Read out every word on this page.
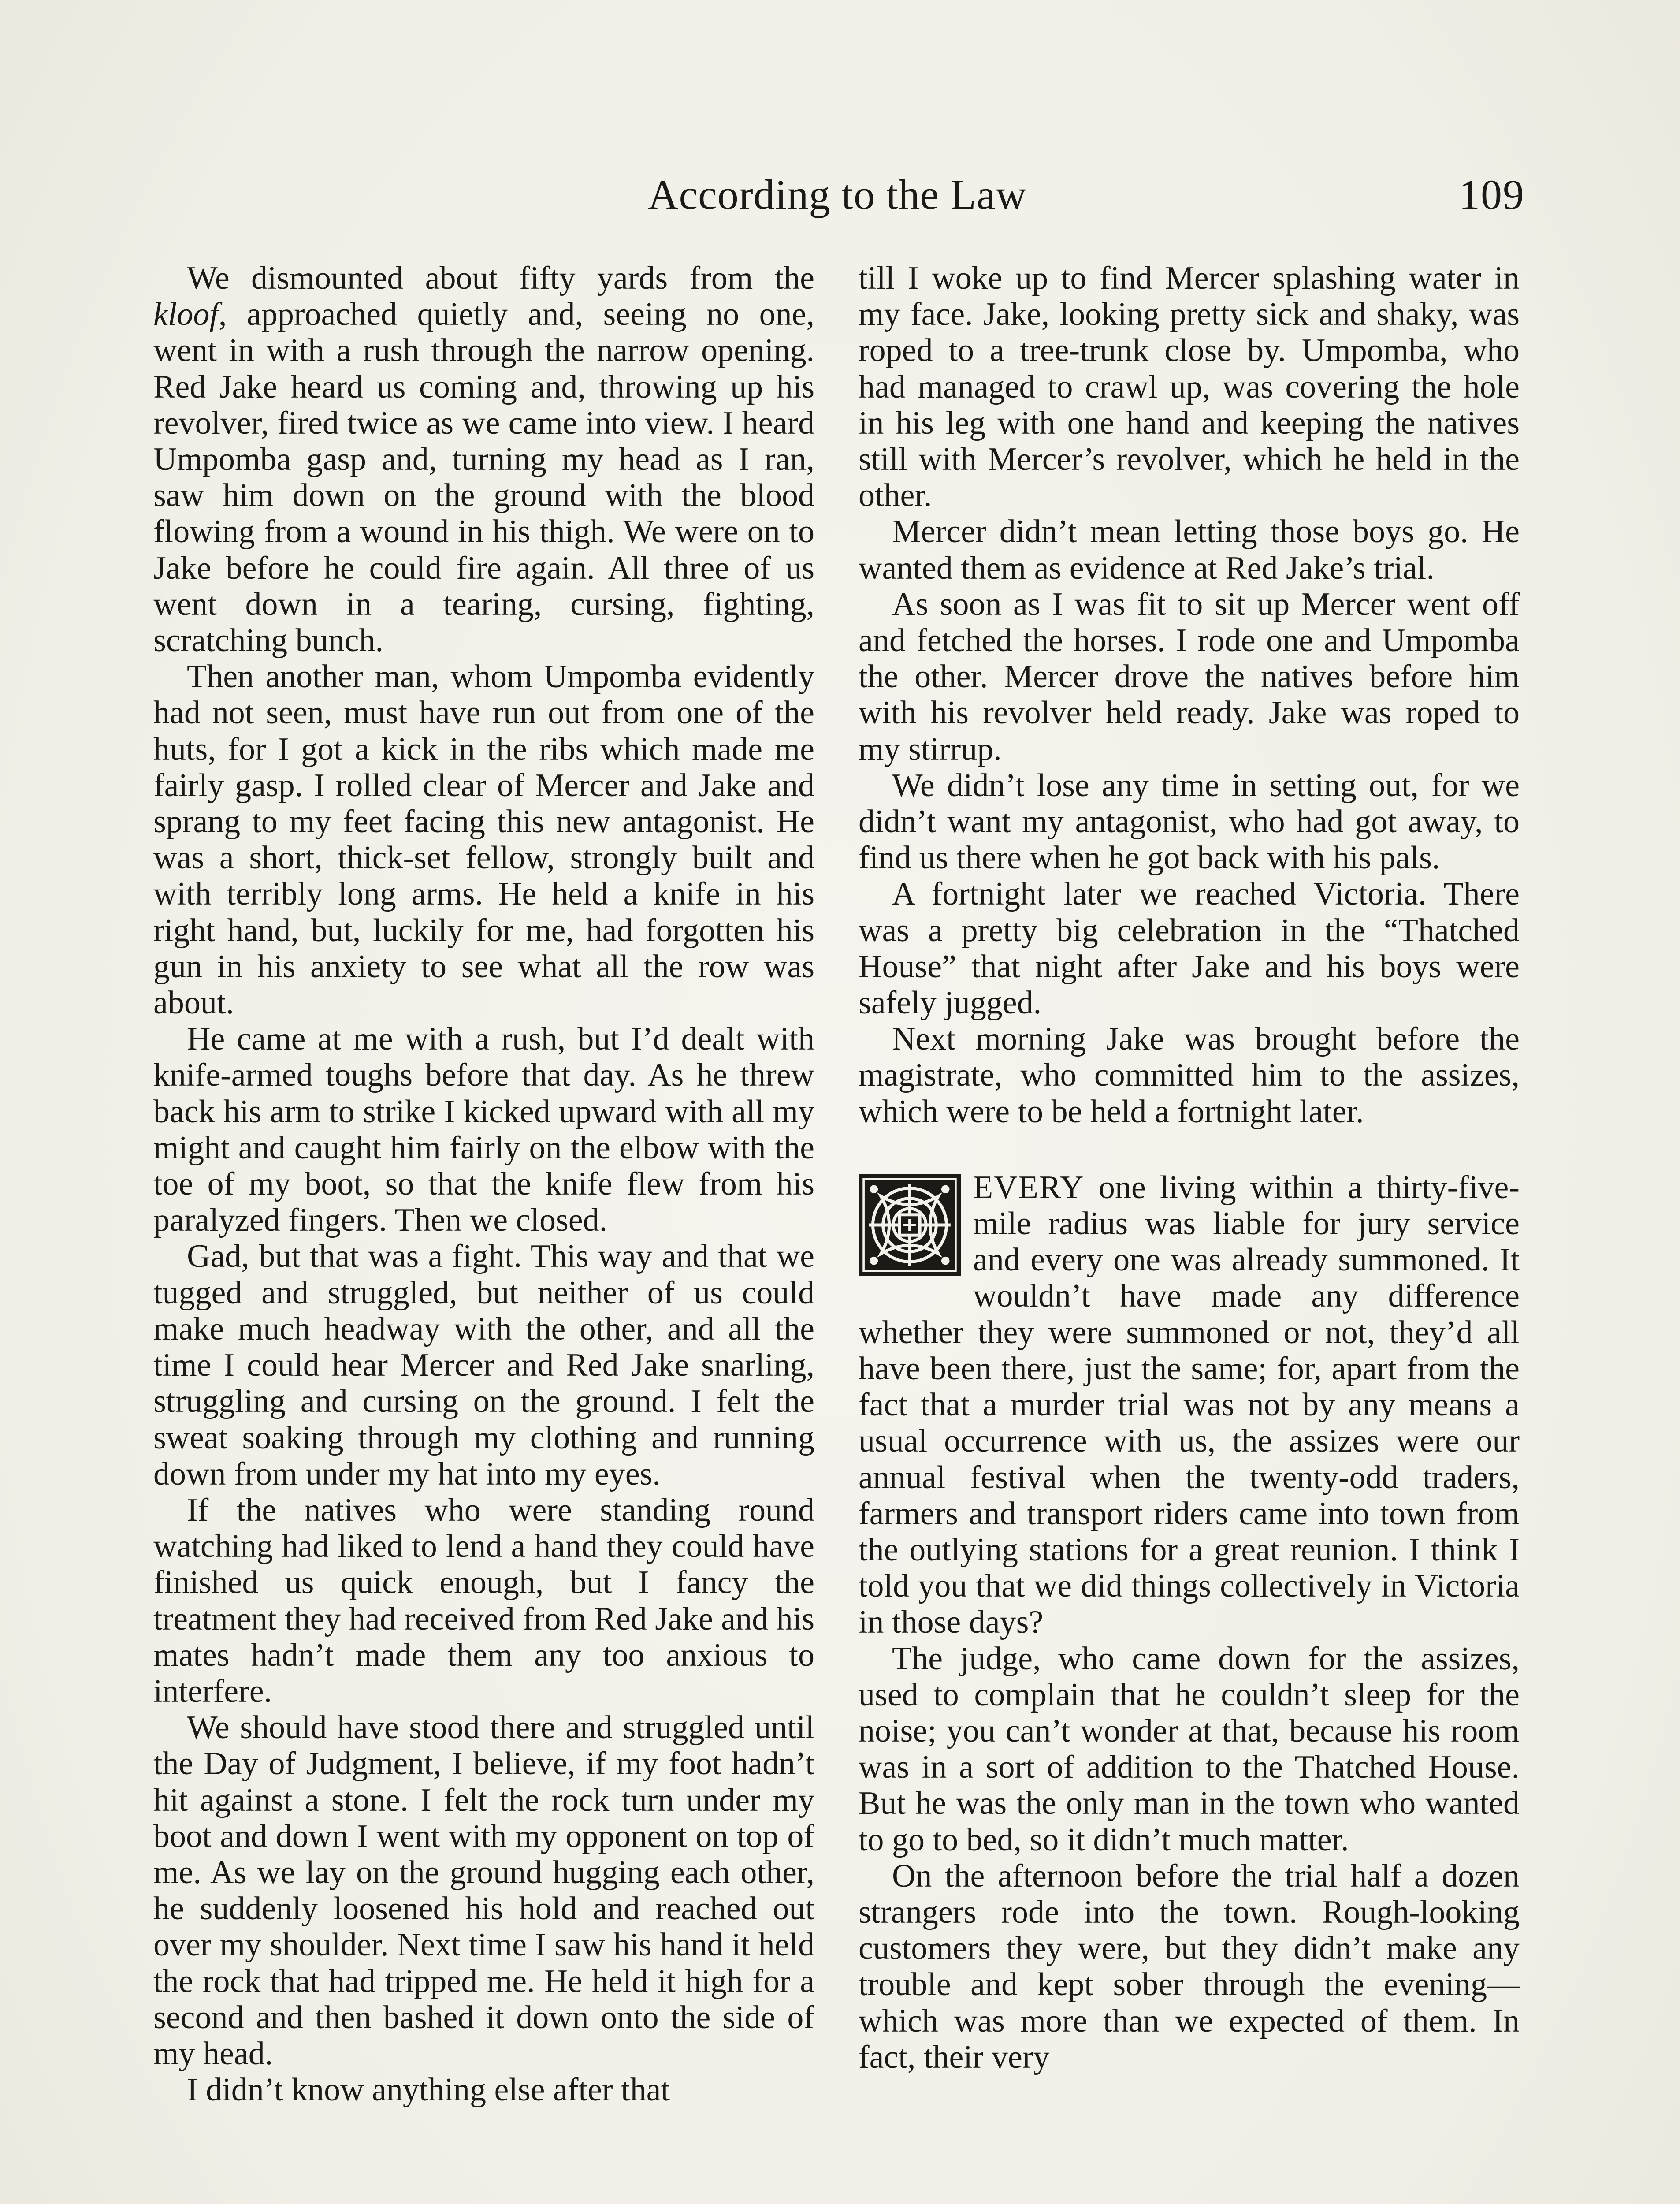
According to the Law	109

We dismounted about fifty yards from the kloof, approached quietly and, seeing no one, went in with a rush through the narrow opening. Red Jake heard us coming and, throwing up his revolver, fired twice as we came into view. I heard Umpomba gasp and, turning my head as I ran, saw him down on the ground with the blood flowing from a wound in his thigh. We were on to Jake before he could fire again. All three of us went down in a tearing, cursing, fighting, scratching bunch.

Then another man, whom Umpomba evidently had not seen, must have run out from one of the huts, for I got a kick in the ribs which made me fairly gasp. I rolled clear of Mercer and Jake and sprang to my feet facing this new antagonist. He was a short, thick-set fellow, strongly built and with terribly long arms. He held a knife in his right hand, but, luckily for me, had forgotten his gun in his anxiety to see what all the row was about.

He came at me with a rush, but I’d dealt with knife-armed toughs before that day. As he threw back his arm to strike I kicked upward with all my might and caught him fairly on the elbow with the toe of my boot, so that the knife flew from his paralyzed fingers. Then we closed.

Gad, but that was a fight. This way and that we tugged and struggled, but neither of us could make much headway with the other, and all the time I could hear Mercer and Red Jake snarling, struggling and cursing on the ground. I felt the sweat soaking through my clothing and running down from under my hat into my eyes.

If the natives who were standing round watching had liked to lend a hand they could have finished us quick enough, but I fancy the treatment they had received from Red Jake and his mates hadn’t made them any too anxious to interfere.

We should have stood there and struggled until the Day of Judgment, I believe, if my foot hadn’t hit against a stone. I felt the rock turn under my boot and down I went with my opponent on top of me. As we lay on the ground hugging each other, he suddenly loosened his hold and reached out over my shoulder. Next time I saw his hand it held the rock that had tripped me. He held it high for a second and then bashed it down onto the side of my head.

I didn’t know anything else after that

till I woke up to find Mercer splashing water in my face. Jake, looking pretty sick and shaky, was roped to a tree-trunk close by. Umpomba, who had managed to crawl up, was covering the hole in his leg with one hand and keeping the natives still with Mercer’s revolver, which he held in the other.

Mercer didn’t mean letting those boys go. He wanted them as evidence at Red Jake’s trial.

As soon as I was fit to sit up Mercer went off and fetched the horses. I rode one and Umpomba the other. Mercer drove the natives before him with his revolver held ready. Jake was roped to my stirrup.

We didn’t lose any time in setting out, for we didn’t want my antagonist, who had got away, to find us there when he got back with his pals.

A fortnight later we reached Victoria. There was a pretty big celebration in the “Thatched House” that night after Jake and his boys were safely jugged.

Next morning Jake was brought before the magistrate, who committed him to the assizes, which were to be held a fortnight later.

EVERY one living within a thirty-five-mile radius was liable for jury service and every one was already summoned. It wouldn’t have made any difference whether they were summoned or not, they’d all have been there, just the same; for, apart from the fact that a murder trial was not by any means a usual occurrence with us, the assizes were our annual festival when the twenty-odd traders, farmers and transport riders came into town from the outlying stations for a great reunion. I think I told you that we did things collectively in Victoria in those days?

The judge, who came down for the assizes, used to complain that he couldn’t sleep for the noise; you can’t wonder at that, because his room was in a sort of addition to the Thatched House. But he was the only man in the town who wanted to go to bed, so it didn’t much matter.

On the afternoon before the trial half a dozen strangers rode into the town. Rough-looking customers they were, but they didn’t make any trouble and kept sober through the evening—which was more than we expected of them. In fact, their very
